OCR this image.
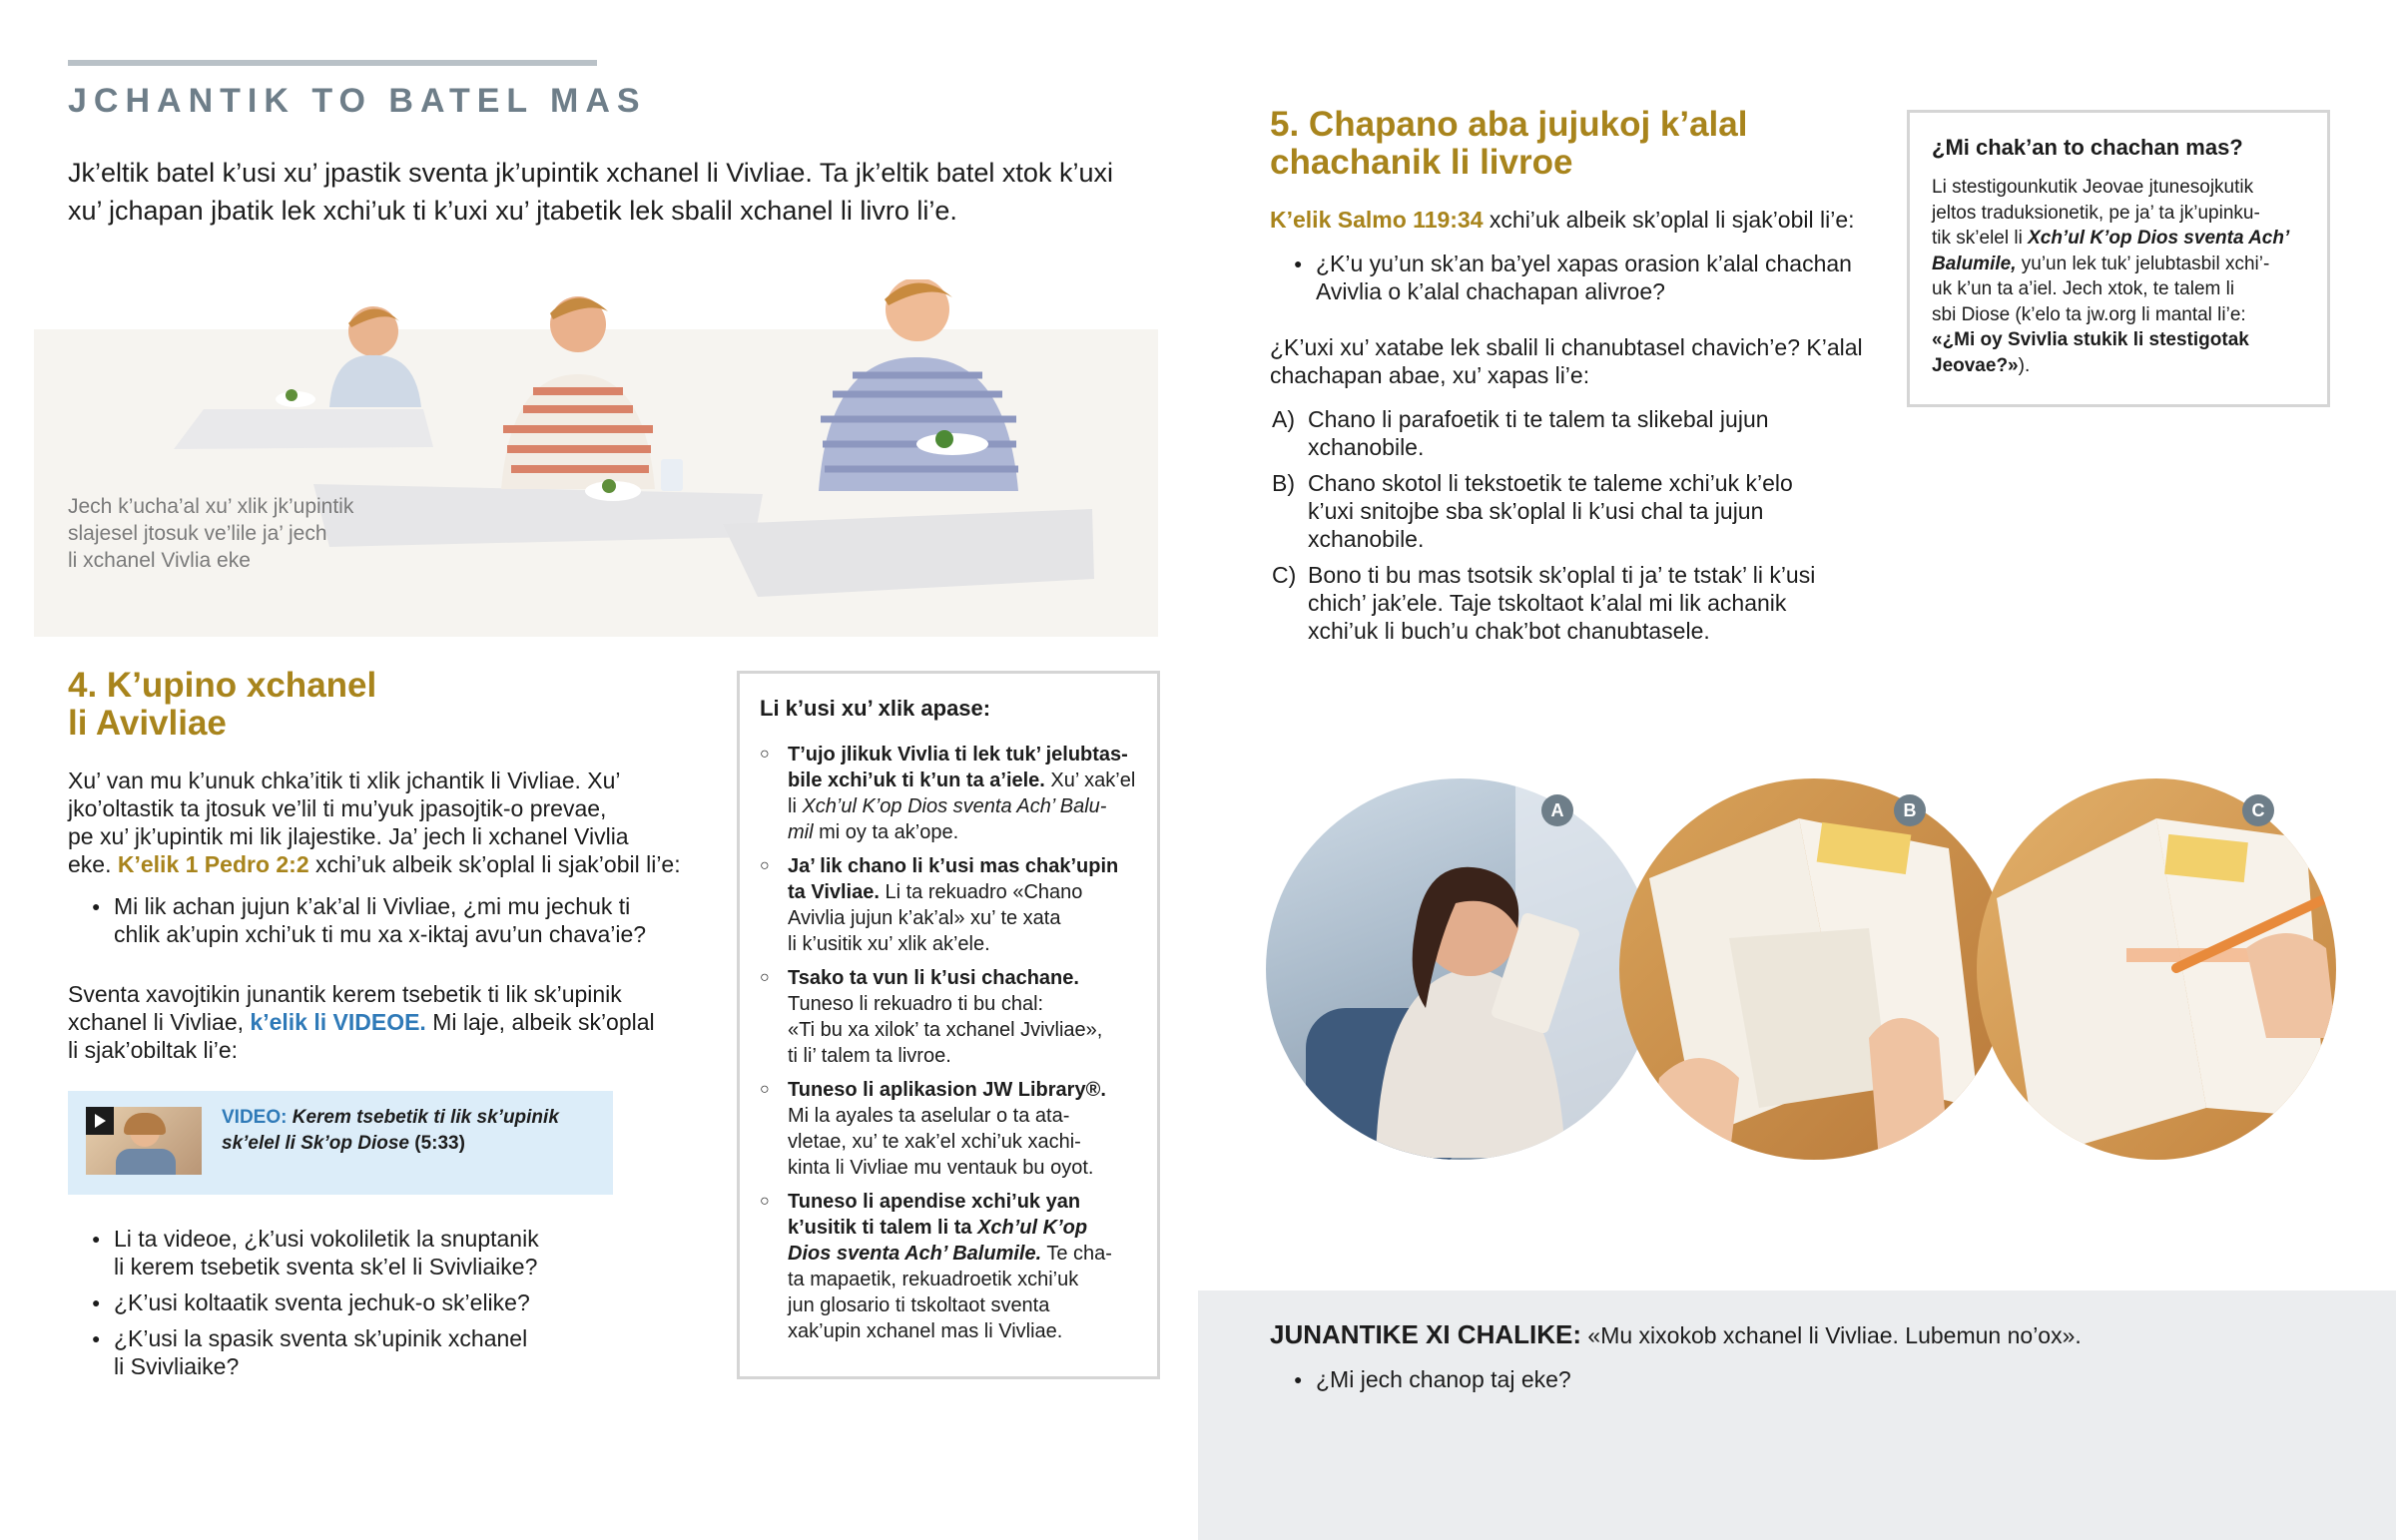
JCHANTIK TO BATEL MAS

Jk’eltik batel k’usi xu’ jpastik sventa jk’upintik xchanel li Vivliae. Ta jk’eltik batel xtok k’uxi xu’ jchapan jbatik lek xchi’uk ti k’uxi xu’ jtabetik lek sbalil xchanel li livro li’e.

Jech k’ucha’al xu’ xlik jk’upintik
slajesel jtosuk ve’lile ja’ jech
li xchanel Vivlia eke
4. K’upino xchanel
li Avivliae

Xu’ van mu k’unuk chka’itik ti xlik jchantik li Vivliae. Xu’

jko’oltastik ta jtosuk ve’lil ti mu’yuk jpasojtik-o prevae,

pe xu’ jk’upintik mi lik jlajestike. Ja’ jech li xchanel Vivlia

eke. K’elik 1 Pedro 2:2 xchi’uk albeik sk’oplal li sjak’obil li’e:

● Mi lik achan jujun k’ak’al li Vivliae, ¿mi mu jechuk ti
chlik ak’upin xchi’uk ti mu xa x-iktaj avu’un chava’ie?

Sventa xavojtikin junantik kerem tsebetik ti lik sk’upinik

xchanel li Vivliae, k’elik li VIDEOE. Mi laje, albeik sk’oplal

li sjak’obiltak li’e:

VIDEO: Kerem tsebetik ti lik sk’upinik
sk’elel li Sk’op Diose (5:33)
● Li ta videoe, ¿k’usi vokoliletik la snuptanik
li kerem tsebetik sventa sk’el li Svivliaike?
● ¿K’usi koltaatik sventa jechuk-o sk’elike?
● ¿K’usi la spasik sventa sk’upinik xchanel
li Svivliaike?
Li k’usi xu’ xlik apase:
○ T’ujo jlikuk Vivlia ti lek tuk’ jelubtas-
bile xchi’uk ti k’un ta a’iele. Xu’ xak’el
li Xch’ul K’op Dios sventa Ach’ Balu-
mil mi oy ta ak’ope.
○ Ja’ lik chano li k’usi mas chak’upin
ta Vivliae. Li ta rekuadro «Chano
Avivlia jujun k’ak’al» xu’ te xata
li k’usitik xu’ xlik ak’ele.
○ Tsako ta vun li k’usi chachane.
Tuneso li rekuadro ti bu chal:
«Ti bu xa xilok’ ta xchanel Jvivliae»,
ti li’ talem ta livroe.
○ Tuneso li aplikasion JW Library®.
Mi la ayales ta aselular o ta ata-
vletae, xu’ te xak’el xchi’uk xachi-
kinta li Vivliae mu ventauk bu oyot.
○ Tuneso li apendise xchi’uk yan
k’usitik ti talem li ta Xch’ul K’op
Dios sventa Ach’ Balumile. Te cha-
ta mapaetik, rekuadroetik xchi’uk
jun glosario ti tskoltaot sventa
xak’upin xchanel mas li Vivliae.
5. Chapano aba jujukoj k’alal
chachanik li livroe

K’elik Salmo 119:34 xchi’uk albeik sk’oplal li sjak’obil li’e:

● ¿K’u yu’un sk’an ba’yel xapas orasion k’alal chachan
Avivlia o k’alal chachapan alivroe?

¿K’uxi xu’ xatabe lek sbalil li chanubtasel chavich’e? K’alal

chachapan abae, xu’ xapas li’e:

A) Chano li parafoetik ti te talem ta slikebal jujun
xchanobile.
B) Chano skotol li tekstoetik te taleme xchi’uk k’elo
k’uxi snitojbe sba sk’oplal li k’usi chal ta jujun
xchanobile.
C) Bono ti bu mas tsotsik sk’oplal ti ja’ te tstak’ li k’usi
chich’ jak’ele. Taje tskoltaot k’alal mi lik achanik
xchi’uk li buch’u chak’bot chanubtasele.
¿Mi chak’an to chachan mas?
Li stestigounkutik Jeovae jtunesojkutik
jeltos traduksionetik, pe ja’ ta jk’upinku-
tik sk’elel li Xch’ul K’op Dios sventa Ach’
Balumile, yu’un lek tuk’ jelubtasbil xchi’-
uk k’un ta a’iel. Jech xtok, te talem li
sbi Diose (k’elo ta jw.org li mantal li’e:
«¿Mi oy Svivlia stukik li stestigotak
Jeovae?»).
A	B	C

JUNANTIKE XI CHALIKE: «Mu xixokob xchanel li Vivliae. Lubemun no’ox».

● ¿Mi jech chanop taj eke?
